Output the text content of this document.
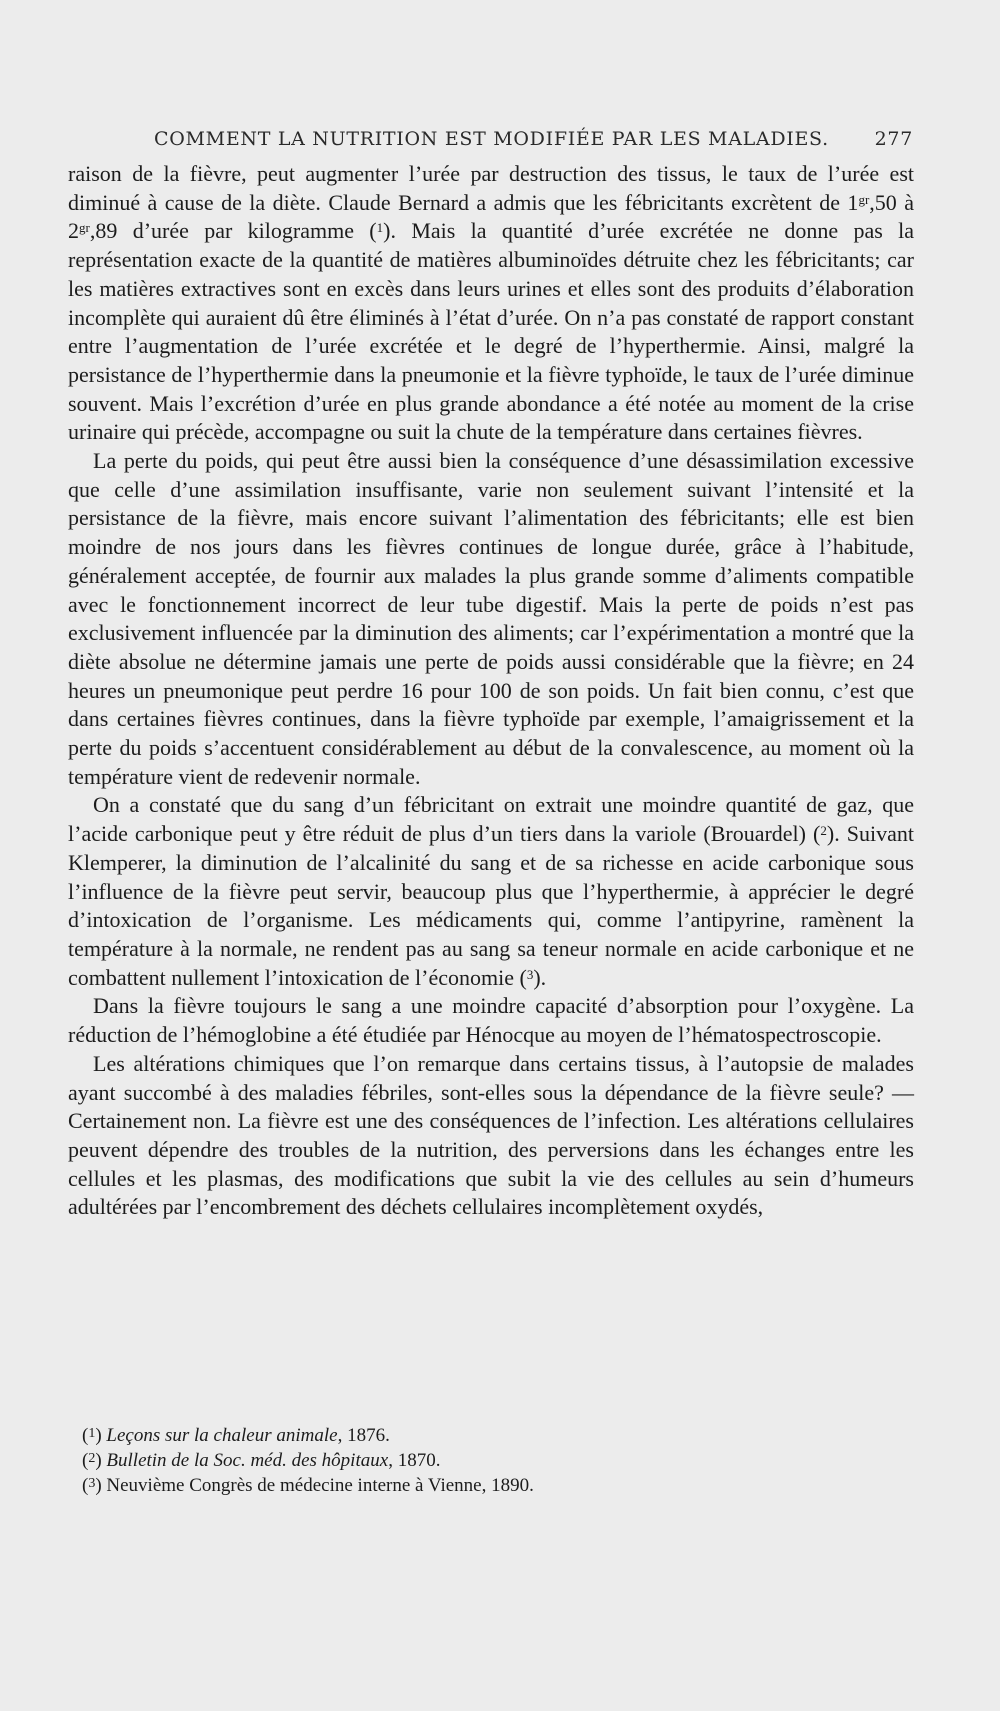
COMMENT LA NUTRITION EST MODIFIÉE PAR LES MALADIES. 277

raison de la fièvre, peut augmenter l’urée par destruction des tissus, le taux de l’urée est diminué à cause de la diète. Claude Bernard a admis que les fébricitants excrètent de $1^{gr},50$ à $2^{gr},89$ d’urée par kilogramme ($^1$). Mais la quantité d’urée excrétée ne donne pas la représentation exacte de la quantité de matières albuminoïdes détruite chez les fébricitants; car les matières extractives sont en excès dans leurs urines et elles sont des produits d’élaboration incomplète qui auraient dû être éliminés à l’état d’urée. On n’a pas constaté de rapport constant entre l’augmentation de l’urée excrétée et le degré de l’hyperthermie. Ainsi, malgré la persistance de l’hyperthermie dans la pneumonie et la fièvre typhoïde, le taux de l’urée diminue souvent. Mais l’excrétion d’urée en plus grande abondance a été notée au moment de la crise urinaire qui précède, accompagne ou suit la chute de la température dans certaines fièvres.

La perte du poids, qui peut être aussi bien la conséquence d’une désassimilation excessive que celle d’une assimilation insuffisante, varie non seulement suivant l’intensité et la persistance de la fièvre, mais encore suivant l’alimentation des fébricitants; elle est bien moindre de nos jours dans les fièvres continues de longue durée, grâce à l’habitude, généralement acceptée, de fournir aux malades la plus grande somme d’aliments compatible avec le fonctionnement incorrect de leur tube digestif. Mais la perte de poids n’est pas exclusivement influencée par la diminution des aliments; car l’expérimentation a montré que la diète absolue ne détermine jamais une perte de poids aussi considérable que la fièvre; en 24 heures un pneumonique peut perdre 16 pour 100 de son poids. Un fait bien connu, c’est que dans certaines fièvres continues, dans la fièvre typhoïde par exemple, l’amaigrissement et la perte du poids s’accentuent considérablement au début de la convalescence, au moment où la température vient de redevenir normale.

On a constaté que du sang d’un fébricitant on extrait une moindre quantité de gaz, que l’acide carbonique peut y être réduit de plus d’un tiers dans la variole (Brouardel) ($^2$). Suivant Klemperer, la diminution de l’alcalinité du sang et de sa richesse en acide carbonique sous l’influence de la fièvre peut servir, beaucoup plus que l’hyperthermie, à apprécier le degré d’intoxication de l’organisme. Les médicaments qui, comme l’antipyrine, ramènent la température à la normale, ne rendent pas au sang sa teneur normale en acide carbonique et ne combattent nullement l’intoxication de l’économie ($^3$).

Dans la fièvre toujours le sang a une moindre capacité d’absorption pour l’oxygène. La réduction de l’hémoglobine a été étudiée par Hénocque au moyen de l’hématospectroscopie.

Les altérations chimiques que l’on remarque dans certains tissus, à l’autopsie de malades ayant succombé à des maladies fébriles, sont-elles sous la dépendance de la fièvre seule? — Certainement non. La fièvre est une des conséquences de l’infection. Les altérations cellulaires peuvent dépendre des troubles de la nutrition, des perversions dans les échanges entre les cellules et les plasmas, des modifications que subit la vie des cellules au sein d’humeurs adultérées par l’encombrement des déchets cellulaires incomplètement oxydés,

($^1$) Leçons sur la chaleur animale, 1876.
($^2$) Bulletin de la Soc. méd. des hôpitaux, 1870.
($^3$) Neuvième Congrès de médecine interne à Vienne, 1890.
